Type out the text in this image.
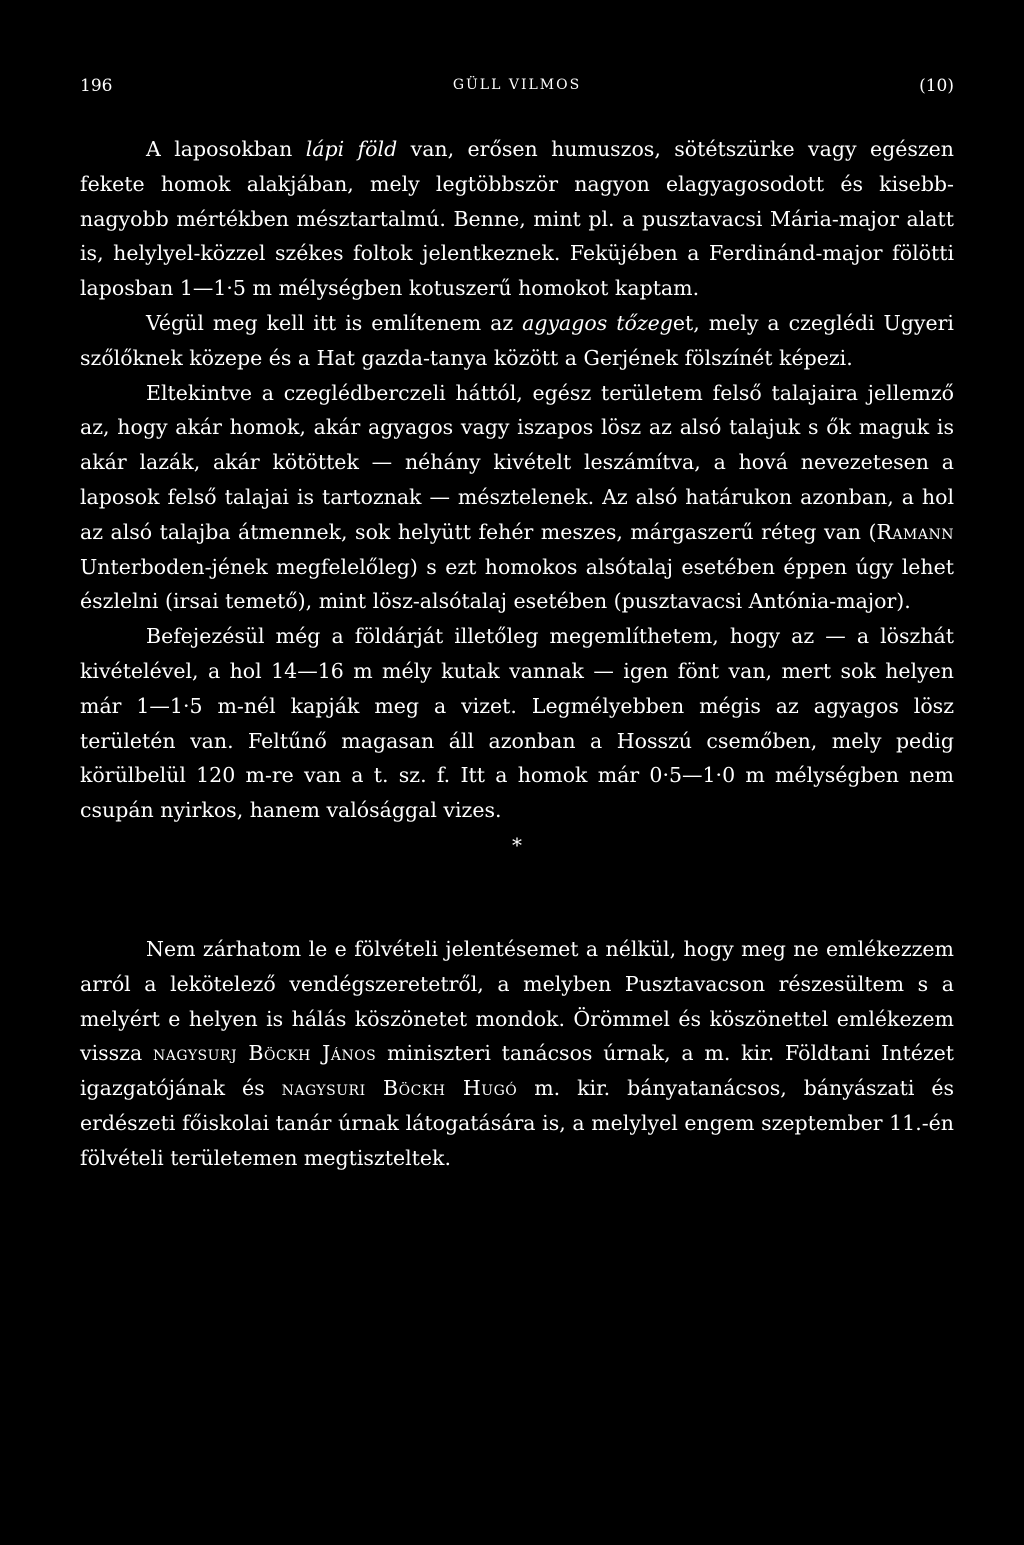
196	GÜLL VILMOS	(10)

A laposokban lápi föld van, erősen humuszos, sötétszürke vagy egészen fekete homok alakjában, mely legtöbbször nagyon elagyagosodott és kisebb-nagyobb mértékben mésztartalmú. Benne, mint pl. a pusztavacsi Mária-major alatt is, helylyel-közzel székes foltok jelentkeznek. Feküjében a Ferdinánd-major fölötti laposban 1—1·5 m mélységben kotuszerű homokot kaptam.

Végül meg kell itt is említenem az agyagos tőzeget, mely a czeglédi Ugyeri szőlőknek közepe és a Hat gazda-tanya között a Gerjének fölszínét képezi.

Eltekintve a czeglédberczeli háttól, egész területem felső talajaira jellemző az, hogy akár homok, akár agyagos vagy iszapos lösz az alsó talajuk s ők maguk is akár lazák, akár kötöttek — néhány kivételt leszámítva, a hová nevezetesen a laposok felső talajai is tartoznak — mésztelenek. Az alsó határukon azonban, a hol az alsó talajba átmennek, sok helyütt fehér meszes, márgaszerű réteg van (Ramann Unterboden-jének megfelelőleg) s ezt homokos alsótalaj esetében éppen úgy lehet észlelni (irsai temető), mint lösz-alsótalaj esetében (pusztavacsi Antónia-major).

Befejezésül még a földárját illetőleg megemlíthetem, hogy az — a löszhát kivételével, a hol 14—16 m mély kutak vannak — igen fönt van, mert sok helyen már 1—1·5 m-nél kapják meg a vizet. Legmélyebben mégis az agyagos lösz területén van. Feltűnő magasan áll azonban a Hosszú csemőben, mely pedig körülbelül 120 m-re van a t. sz. f. Itt a homok már 0·5—1·0 m mélységben nem csupán nyirkos, hanem valósággal vizes.

*

Nem zárhatom le e fölvételi jelentésemet a nélkül, hogy meg ne emlékezzem arról a lekötelező vendégszeretetről, a melyben Pusztavacson részesültem s a melyért e helyen is hálás köszönetet mondok. Örömmel és köszönettel emlékezem vissza nagysurj Böckh János miniszteri tanácsos úrnak, a m. kir. Földtani Intézet igazgatójának és nagysuri Böckh Hugó m. kir. bányatanácsos, bányászati és erdészeti főiskolai tanár úrnak látogatására is, a melylyel engem szeptember 11.-én fölvételi területemen megtiszteltek.
